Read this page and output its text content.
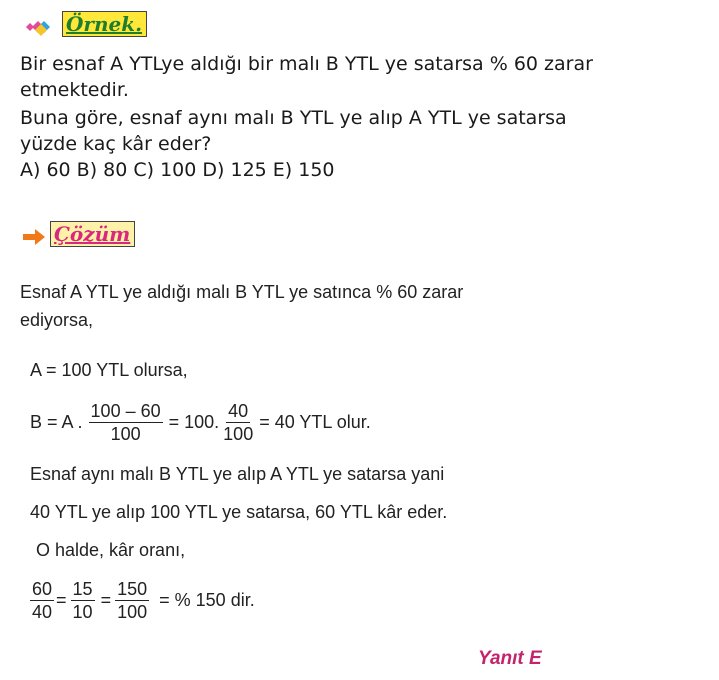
Örnek.
Bir esnaf A YTLye aldığı bir malı B YTL ye satarsa % 60 zarar
etmektedir.
Buna göre, esnaf aynı malı B YTL ye alıp A YTL ye satarsa
yüzde kaç kâr eder?
A) 60 B) 80 C) 100 D) 125 E) 150
Çözüm
Esnaf A YTL ye aldığı malı B YTL ye satınca % 60 zarar
ediyorsa,
A = 100 YTL olursa,
B = A . $\frac{100 - 60}{100} = 100$. $\frac{40}{100} = 40$ YTL olur.
Esnaf aynı malı B YTL ye alıp A YTL ye satarsa yani
40 YTL ye alıp 100 YTL ye satarsa, 60 YTL kâr eder.
O halde, kâr oranı,
$\frac{60}{40} = \frac{15}{10} = \frac{150}{100}$ = % 150 dir.
Yanıt E
